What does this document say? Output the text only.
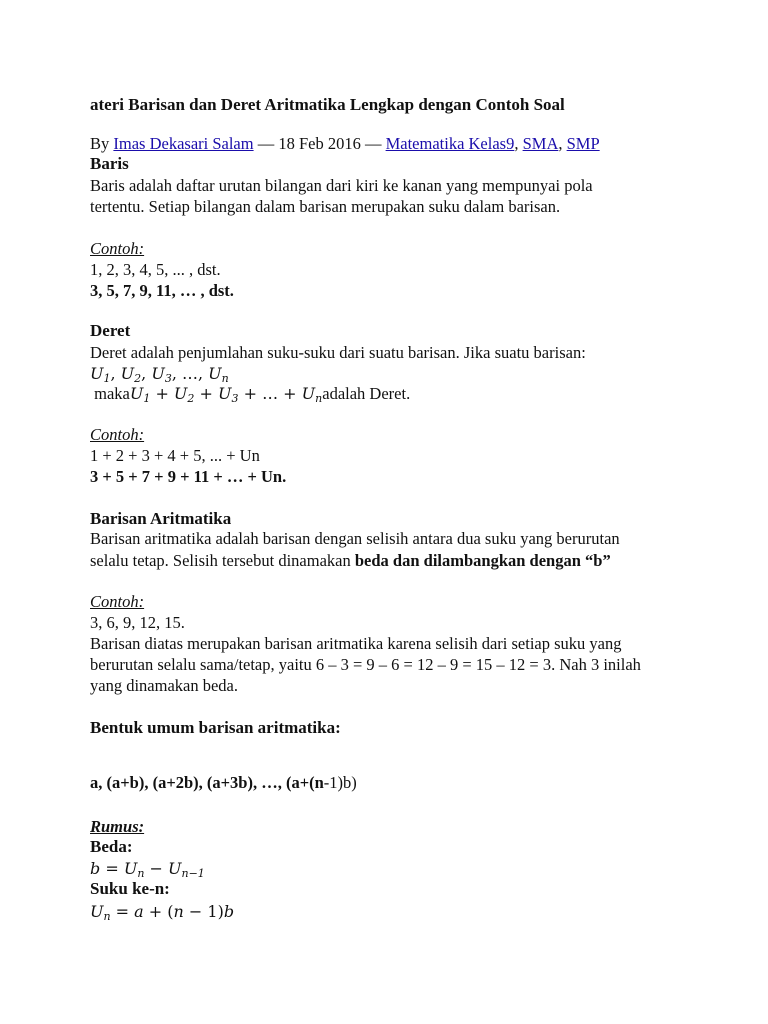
ateri Barisan dan Deret Aritmatika Lengkap dengan Contoh Soal
By Imas Dekasari Salam — 18 Feb 2016 — Matematika Kelas9, SMA, SMP
Baris
Baris adalah daftar urutan bilangan dari kiri ke kanan yang mempunyai pola
tertentu. Setiap bilangan dalam barisan merupakan suku dalam barisan.
Contoh:
1, 2, 3, 4, 5, ... , dst.
3, 5, 7, 9, 11, … , dst.
Deret
Deret adalah penjumlahan suku-suku dari suatu barisan. Jika suatu barisan:
$U_1$, $U_2$, $U_3$, …, $U_n$
makaU$_1$ + $U_2 + U_3$ + … + $U_nadalah$ Deret.
Contoh:
1 + 2 + 3 + 4 + 5, ... + Un
3 + 5 + 7 + 9 + 11 + … + Un.
Barisan Aritmatika
Barisan aritmatika adalah barisan dengan selisih antara dua suku yang berurutan
selalu tetap. Selisih tersebut dinamakan beda dan dilambangkan dengan “b”
Contoh:
3, 6, 9, 12, 15.
Barisan diatas merupakan barisan aritmatika karena selisih dari setiap suku yang
berurutan selalu sama/tetap, yaitu 6 – 3 = 9 – 6 = 12 – 9 = 15 – 12 = 3. Nah 3 inilah
yang dinamakan beda.
Bentuk umum barisan aritmatika:
a, (a+b), (a+2b), (a+3b), …, (a+(n-1)b)
Rumus:
Beda:
$b = U_n - U_{n-1}$
Suku ke-n:
$U_n = a + (n - 1)b$
